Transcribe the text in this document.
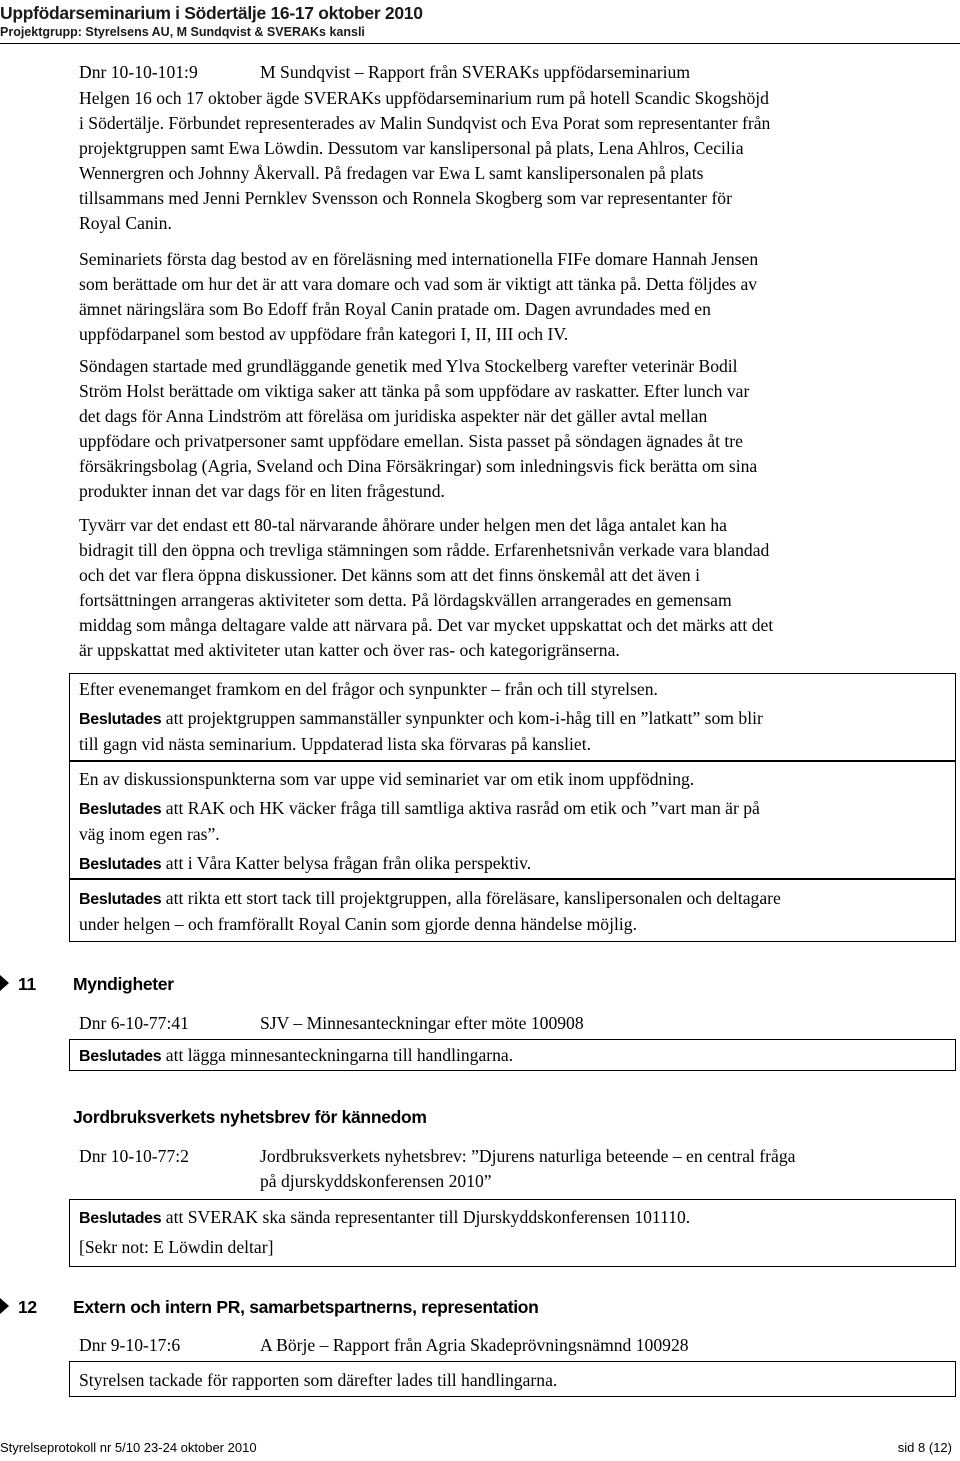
Uppfödarseminarium i Södertälje 16-17 oktober 2010
Projektgrupp: Styrelsens AU, M Sundqvist & SVERAKs kansli
Dnr 10-10-101:9	M Sundqvist – Rapport från SVERAKs uppfödarseminarium
Helgen 16 och 17 oktober ägde SVERAKs uppfödarseminarium rum på hotell Scandic Skogshöjd
i Södertälje. Förbundet representerades av Malin Sundqvist och Eva Porat som representanter från
projektgruppen samt Ewa Löwdin. Dessutom var kanslipersonal på plats, Lena Ahlros, Cecilia
Wennergren och Johnny Åkervall. På fredagen var Ewa L samt kanslipersonalen på plats
tillsammans med Jenni Pernklev Svensson och Ronnela Skogberg som var representanter för
Royal Canin.
Seminariets första dag bestod av en föreläsning med internationella FIFe domare Hannah Jensen
som berättade om hur det är att vara domare och vad som är viktigt att tänka på. Detta följdes av
ämnet näringslära som Bo Edoff från Royal Canin pratade om. Dagen avrundades med en
uppfödarpanel som bestod av uppfödare från kategori I, II, III och IV.
Söndagen startade med grundläggande genetik med Ylva Stockelberg varefter veterinär Bodil
Ström Holst berättade om viktiga saker att tänka på som uppfödare av raskatter. Efter lunch var
det dags för Anna Lindström att föreläsa om juridiska aspekter när det gäller avtal mellan
uppfödare och privatpersoner samt uppfödare emellan. Sista passet på söndagen ägnades åt tre
försäkringsbolag (Agria, Sveland och Dina Försäkringar) som inledningsvis fick berätta om sina
produkter innan det var dags för en liten frågestund.
Tyvärr var det endast ett 80-tal närvarande åhörare under helgen men det låga antalet kan ha
bidragit till den öppna och trevliga stämningen som rådde. Erfarenhetsnivån verkade vara blandad
och det var flera öppna diskussioner. Det känns som att det finns önskemål att det även i
fortsättningen arrangeras aktiviteter som detta. På lördagskvällen arrangerades en gemensam
middag som många deltagare valde att närvara på. Det var mycket uppskattat och det märks att det
är uppskattat med aktiviteter utan katter och över ras- och kategorigränserna.
Efter evenemanget framkom en del frågor och synpunkter – från och till styrelsen.
Beslutades att projektgruppen sammanställer synpunkter och kom-i-håg till en ”latkatt” som blir
till gagn vid nästa seminarium. Uppdaterad lista ska förvaras på kansliet.
En av diskussionspunkterna som var uppe vid seminariet var om etik inom uppfödning.
Beslutades att RAK och HK väcker fråga till samtliga aktiva rasråd om etik och ”vart man är på
väg inom egen ras”.
Beslutades att i Våra Katter belysa frågan från olika perspektiv.
Beslutades att rikta ett stort tack till projektgruppen, alla föreläsare, kanslipersonalen och deltagare
under helgen – och framförallt Royal Canin som gjorde denna händelse möjlig.
11 Myndigheter
Dnr 6-10-77:41	SJV – Minnesanteckningar efter möte 100908
Beslutades att lägga minnesanteckningarna till handlingarna.
Jordbruksverkets nyhetsbrev för kännedom
Dnr 10-10-77:2	Jordbruksverkets nyhetsbrev: ”Djurens naturliga beteende – en central fråga
på djurskyddskonferensen 2010”
Beslutades att SVERAK ska sända representanter till Djurskyddskonferensen 101110.
[Sekr not: E Löwdin deltar]
12 Extern och intern PR, samarbetspartnerns, representation
Dnr 9-10-17:6	A Börje – Rapport från Agria Skadeprövningsnämnd 100928
Styrelsen tackade för rapporten som därefter lades till handlingarna.
Styrelseprotokoll nr 5/10 23-24 oktober 2010	sid 8 (12)
